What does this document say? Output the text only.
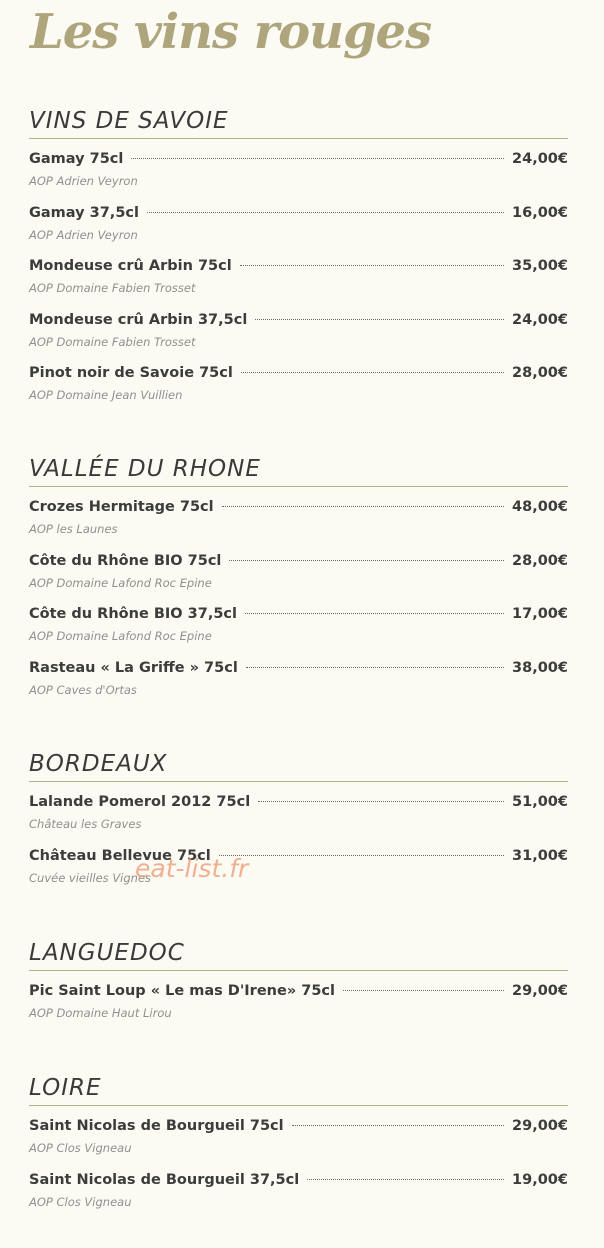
Les vins rouges
VINS DE SAVOIE
Gamay 75cl	24,00€
AOP Adrien Veyron
Gamay 37,5cl	16,00€
AOP Adrien Veyron
Mondeuse crû Arbin 75cl	35,00€
AOP Domaine Fabien Trosset
Mondeuse crû Arbin 37,5cl	24,00€
AOP Domaine Fabien Trosset
Pinot noir de Savoie 75cl	28,00€
AOP Domaine Jean Vuillien
VALLÉE DU RHONE
Crozes Hermitage 75cl	48,00€
AOP les Launes
Côte du Rhône BIO 75cl	28,00€
AOP Domaine Lafond Roc Epine
Côte du Rhône BIO 37,5cl	17,00€
AOP Domaine Lafond Roc Epine
Rasteau « La Griffe » 75cl	38,00€
AOP Caves d'Ortas
BORDEAUX
Lalande Pomerol 2012 75cl	51,00€
Château les Graves
Château Bellevue 75cl	31,00€
Cuvée vieilles Vignes
LANGUEDOC
Pic Saint Loup « Le mas D'Irene» 75cl	29,00€
AOP Domaine Haut Lirou
LOIRE
Saint Nicolas de Bourgueil 75cl	29,00€
AOP Clos Vigneau
Saint Nicolas de Bourgueil 37,5cl	19,00€
AOP Clos Vigneau
eat-list.fr
